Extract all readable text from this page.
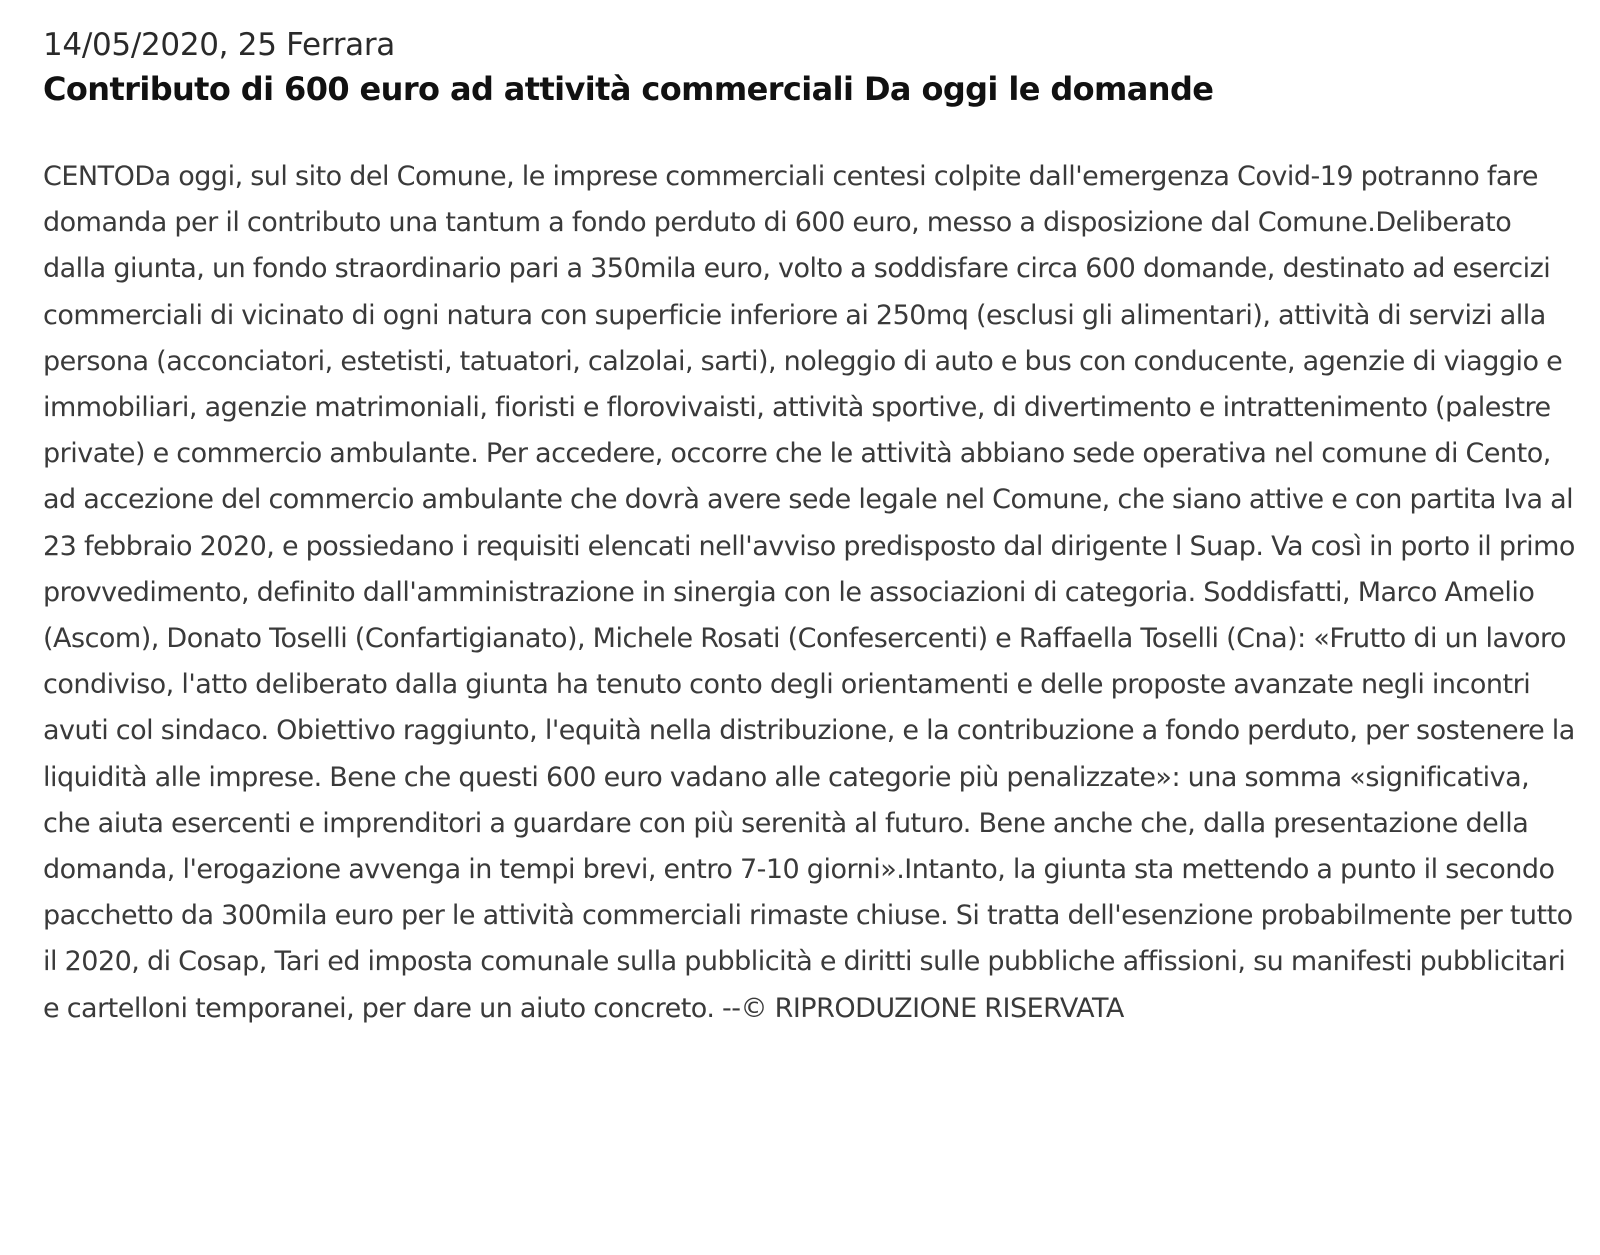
14/05/2020, 25 Ferrara

Contributo di 600 euro ad attività commerciali Da oggi le domande

CENTODa oggi, sul sito del Comune, le imprese commerciali centesi colpite dall'emergenza Covid-19 potranno fare domanda per il contributo una tantum a fondo perduto di 600 euro, messo a disposizione dal Comune.Deliberato dalla giunta, un fondo straordinario pari a 350mila euro, volto a soddisfare circa 600 domande, destinato ad esercizi commerciali di vicinato di ogni natura con superficie inferiore ai 250mq (esclusi gli alimentari), attività di servizi alla persona (acconciatori, estetisti, tatuatori, calzolai, sarti), noleggio di auto e bus con conducente, agenzie di viaggio e immobiliari, agenzie matrimoniali, fioristi e florovivaisti, attività sportive, di divertimento e intrattenimento (palestre private) e commercio ambulante. Per accedere, occorre che le attività abbiano sede operativa nel comune di Cento, ad accezione del commercio ambulante che dovrà avere sede legale nel Comune, che siano attive e con partita Iva al 23 febbraio 2020, e possiedano i requisiti elencati nell'avviso predisposto dal dirigente l Suap. Va così in porto il primo provvedimento, definito dall'amministrazione in sinergia con le associazioni di categoria. Soddisfatti, Marco Amelio (Ascom), Donato Toselli (Confartigianato), Michele Rosati (Confesercenti) e Raffaella Toselli (Cna): «Frutto di un lavoro condiviso, l'atto deliberato dalla giunta ha tenuto conto degli orientamenti e delle proposte avanzate negli incontri avuti col sindaco. Obiettivo raggiunto, l'equità nella distribuzione, e la contribuzione a fondo perduto, per sostenere la liquidità alle imprese. Bene che questi 600 euro vadano alle categorie più penalizzate»: una somma «significativa, che aiuta esercenti e imprenditori a guardare con più serenità al futuro. Bene anche che, dalla presentazione della domanda, l'erogazione avvenga in tempi brevi, entro 7-10 giorni».Intanto, la giunta sta mettendo a punto il secondo pacchetto da 300mila euro per le attività commerciali rimaste chiuse. Si tratta dell'esenzione probabilmente per tutto il 2020, di Cosap, Tari ed imposta comunale sulla pubblicità e diritti sulle pubbliche affissioni, su manifesti pubblicitari e cartelloni temporanei, per dare un aiuto concreto. --© RIPRODUZIONE RISERVATA
